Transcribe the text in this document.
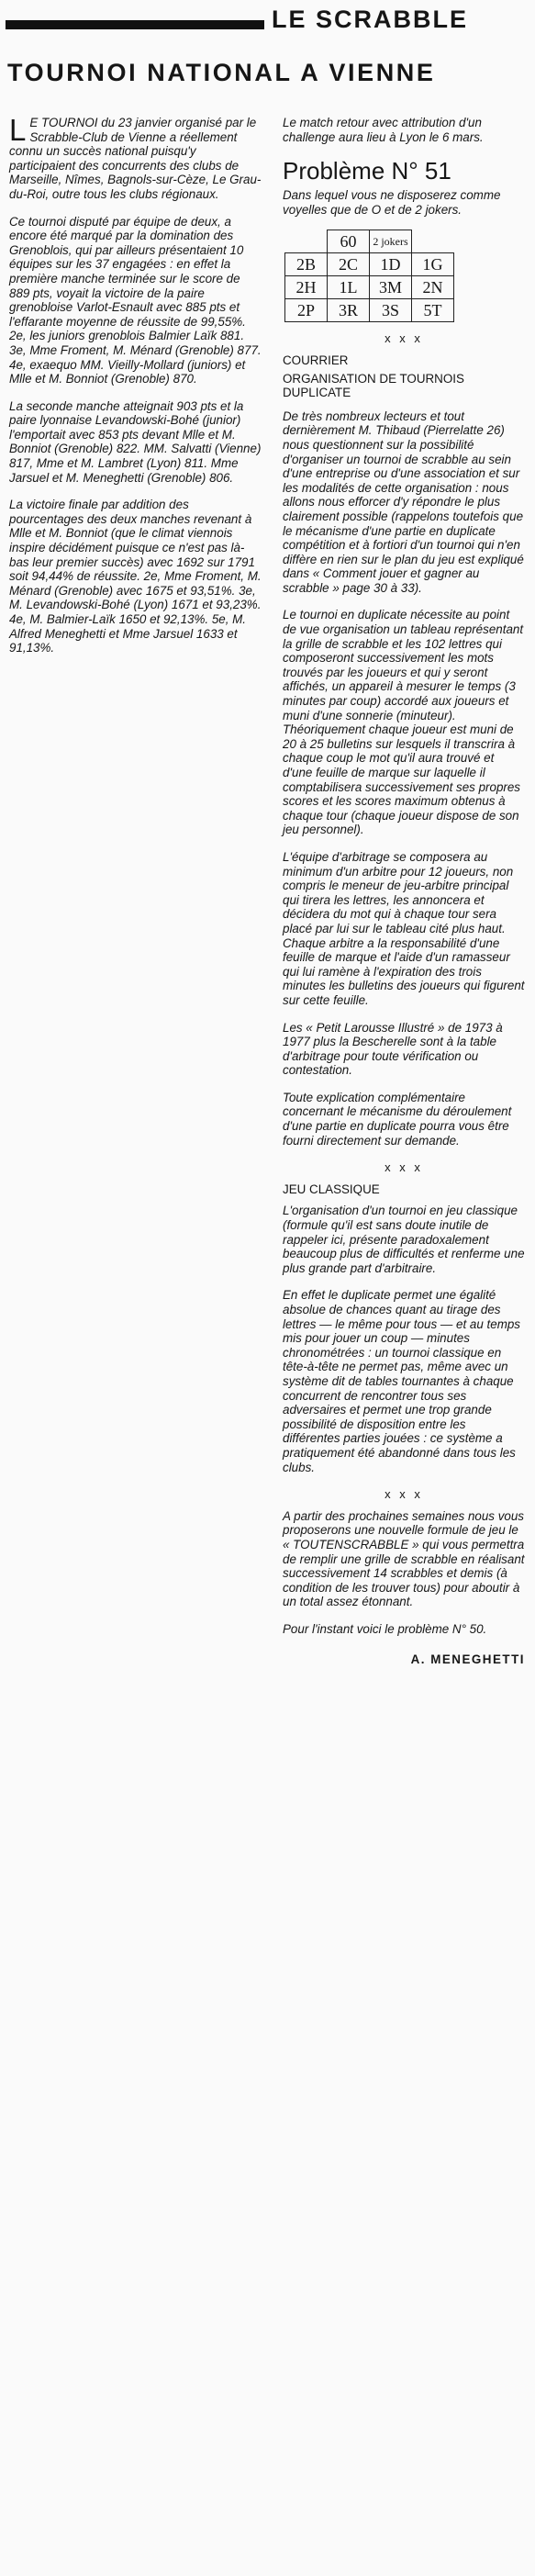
LE SCRABBLE
TOURNOI NATIONAL A VIENNE

L E TOURNOI du 23 janvier organisé par le Scrabble-Club de Vienne a réellement connu un succès national puisqu'y participaient des concurrents des clubs de Marseille, Nîmes, Bagnols-sur-Cèze, Le Grau-du-Roi, outre tous les clubs régionaux.

Ce tournoi disputé par équipe de deux, a encore été marqué par la domination des Grenoblois, qui par ailleurs présentaient 10 équipes sur les 37 engagées : en effet la première manche terminée sur le score de 889 pts, voyait la victoire de la paire grenobloise Varlot-Esnault avec 885 pts et l'effarante moyenne de réussite de 99,55%. 2e, les juniors grenoblois Balmier Laïk 881. 3e, Mme Froment, M. Ménard (Grenoble) 877. 4e, exaequo MM. Vieilly-Mollard (juniors) et Mlle et M. Bonniot (Grenoble) 870.

La seconde manche atteignait 903 pts et la paire lyonnaise Levandowski-Bohé (junior) l'emportait avec 853 pts devant Mlle et M. Bonniot (Grenoble) 822. MM. Salvatti (Vienne) 817, Mme et M. Lambret (Lyon) 811. Mme Jarsuel et M. Meneghetti (Grenoble) 806.

La victoire finale par addition des pourcentages des deux manches revenant à Mlle et M. Bonniot (que le climat viennois inspire décidément puisque ce n'est pas là-bas leur premier succès) avec 1692 sur 1791 soit 94,44% de réussite. 2e, Mme Froment, M. Ménard (Grenoble) avec 1675 et 93,51%. 3e, M. Levandowski-Bohé (Lyon) 1671 et 93,23%. 4e, M. Balmier-Laïk 1650 et 92,13%. 5e, M. Alfred Meneghetti et Mme Jarsuel 1633 et 91,13%.

Le match retour avec attribution d'un challenge aura lieu à Lyon le 6 mars.

Problème N° 51

Dans lequel vous ne disposerez comme voyelles que de O et de 2 jokers.

	60	2 jokers	
2B	2C	1D	1G
2H	1L	3M	2N
2P	3R	3S	5T
x x x
COURRIER
ORGANISATION DE TOURNOIS DUPLICATE

De très nombreux lecteurs et tout dernièrement M. Thibaud (Pierrelatte 26) nous questionnent sur la possibilité d'organiser un tournoi de scrabble au sein d'une entreprise ou d'une association et sur les modalités de cette organisation : nous allons nous efforcer d'y répondre le plus clairement possible (rappelons toutefois que le mécanisme d'une partie en duplicate compétition et à fortiori d'un tournoi qui n'en diffère en rien sur le plan du jeu est expliqué dans « Comment jouer et gagner au scrabble » page 30 à 33).

Le tournoi en duplicate nécessite au point de vue organisation un tableau représentant la grille de scrabble et les 102 lettres qui composeront successivement les mots trouvés par les joueurs et qui y seront affichés, un appareil à mesurer le temps (3 minutes par coup) accordé aux joueurs et muni d'une sonnerie (minuteur). Théoriquement chaque joueur est muni de 20 à 25 bulletins sur lesquels il transcrira à chaque coup le mot qu'il aura trouvé et d'une feuille de marque sur laquelle il comptabilisera successivement ses propres scores et les scores maximum obtenus à chaque tour (chaque joueur dispose de son jeu personnel).

L'équipe d'arbitrage se composera au minimum d'un arbitre pour 12 joueurs, non compris le meneur de jeu-arbitre principal qui tirera les lettres, les annoncera et décidera du mot qui à chaque tour sera placé par lui sur le tableau cité plus haut. Chaque arbitre a la responsabilité d'une feuille de marque et l'aide d'un ramasseur qui lui ramène à l'expiration des trois minutes les bulletins des joueurs qui figurent sur cette feuille.

Les « Petit Larousse Illustré » de 1973 à 1977 plus la Bescherelle sont à la table d'arbitrage pour toute vérification ou contestation.

Toute explication complémentaire concernant le mécanisme du déroulement d'une partie en duplicate pourra vous être fourni directement sur demande.

x x x
JEU CLASSIQUE

L'organisation d'un tournoi en jeu classique (formule qu'il est sans doute inutile de rappeler ici, présente paradoxalement beaucoup plus de difficultés et renferme une plus grande part d'arbitraire.

En effet le duplicate permet une égalité absolue de chances quant au tirage des lettres — le même pour tous — et au temps mis pour jouer un coup — minutes chronométrées : un tournoi classique en tête-à-tête ne permet pas, même avec un système dit de tables tournantes à chaque concurrent de rencontrer tous ses adversaires et permet une trop grande possibilité de disposition entre les différentes parties jouées : ce système a pratiquement été abandonné dans tous les clubs.

x x x

A partir des prochaines semaines nous vous proposerons une nouvelle formule de jeu le « TOUTENSCRABBLE » qui vous permettra de remplir une grille de scrabble en réalisant successivement 14 scrabbles et demis (à condition de les trouver tous) pour aboutir à un total assez étonnant.

Pour l'instant voici le problème N° 50.

A. MENEGHETTI
